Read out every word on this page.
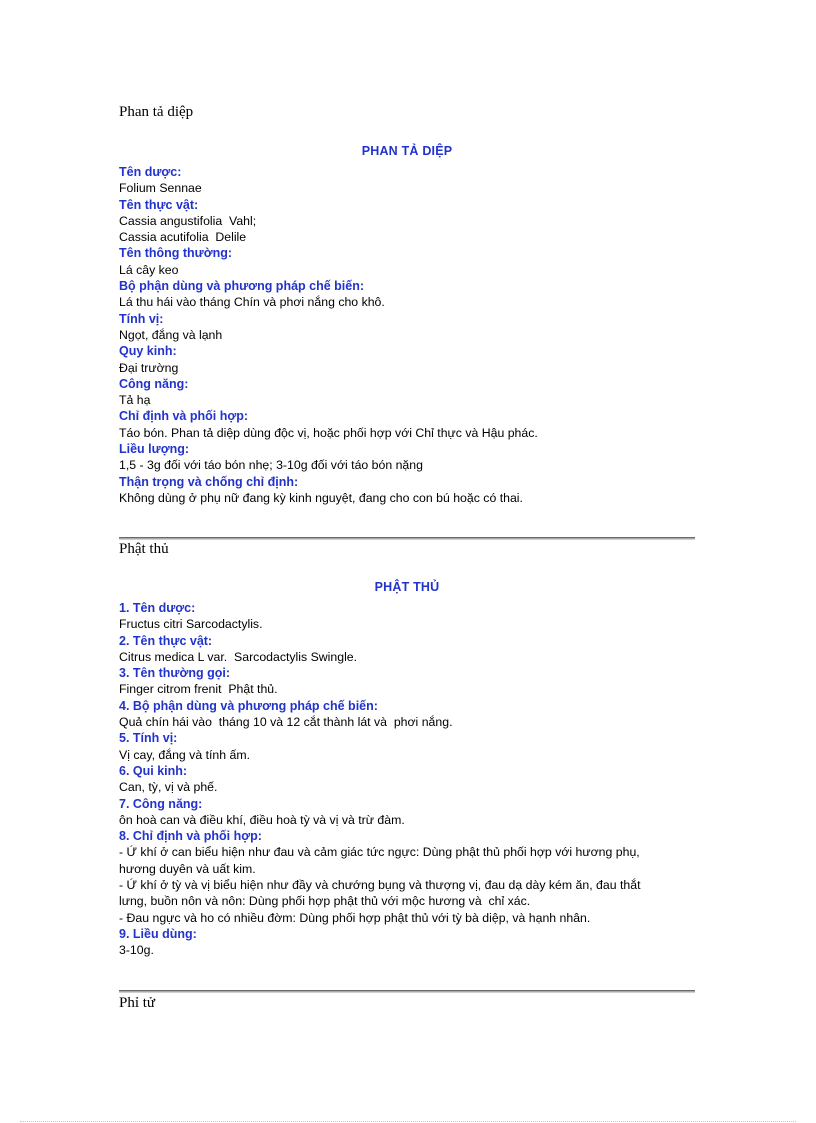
Phan tả diệp
PHAN TẢ DIỆP
Tên dược:
Folium Sennae
Tên thực vật:
Cassia angustifolia  Vahl;
Cassia acutifolia  Delile
Tên thông thường:
Lá cây keo
Bộ phận dùng và phương pháp chế biến:
Lá thu hái vào tháng Chín và phơi nắng cho khô.
Tính vị:
Ngọt, đắng và lạnh
Quy kinh:
Đại trường
Công năng:
Tả hạ
Chỉ định và phối hợp:
Táo bón. Phan tả diệp dùng độc vị, hoặc phối hợp với Chỉ thực và Hậu phác.
Liều lượng:
1,5 - 3g đối với táo bón nhẹ; 3-10g đối với táo bón nặng
Thận trọng và chống chỉ định:
Không dùng ở phụ nữ đang kỳ kinh nguyệt, đang cho con bú hoặc có thai.
Phật thủ
PHẬT THỦ
1. Tên dược:
Fructus citri Sarcodactylis.
2. Tên thực vật:
Citrus medica L var.  Sarcodactylis Swingle.
3. Tên thường gọi:
Finger citrom frenit  Phật thủ.
4. Bộ phận dùng và phương pháp chế biến:
Quả chín hái vào  tháng 10 và 12 cắt thành lát và  phơi nắng.
5. Tính vị:
Vị cay, đắng và tính ấm.
6. Qui kinh:
Can, tỳ, vị và phế.
7. Công năng:
ôn hoà can và điều khí, điều hoà tỳ và vị và trừ đàm.
8. Chỉ định và phối hợp:
- Ứ khí ở can biểu hiện như đau và cảm giác tức ngực: Dùng phật thủ phối hợp với hương phụ,
hương duyên và uất kim.
- Ứ khí ở tỳ và vị biểu hiện như đầy và chướng bụng và thượng vị, đau dạ dày kém ăn, đau thắt
lưng, buồn nôn và nôn: Dùng phối hợp phật thủ với mộc hương và  chỉ xác.
- Đau ngực và ho có nhiều đờm: Dùng phối hợp phật thủ với tỳ bà diệp, và hạnh nhân.
9. Liều dùng:
3-10g.
Phỉ tử
